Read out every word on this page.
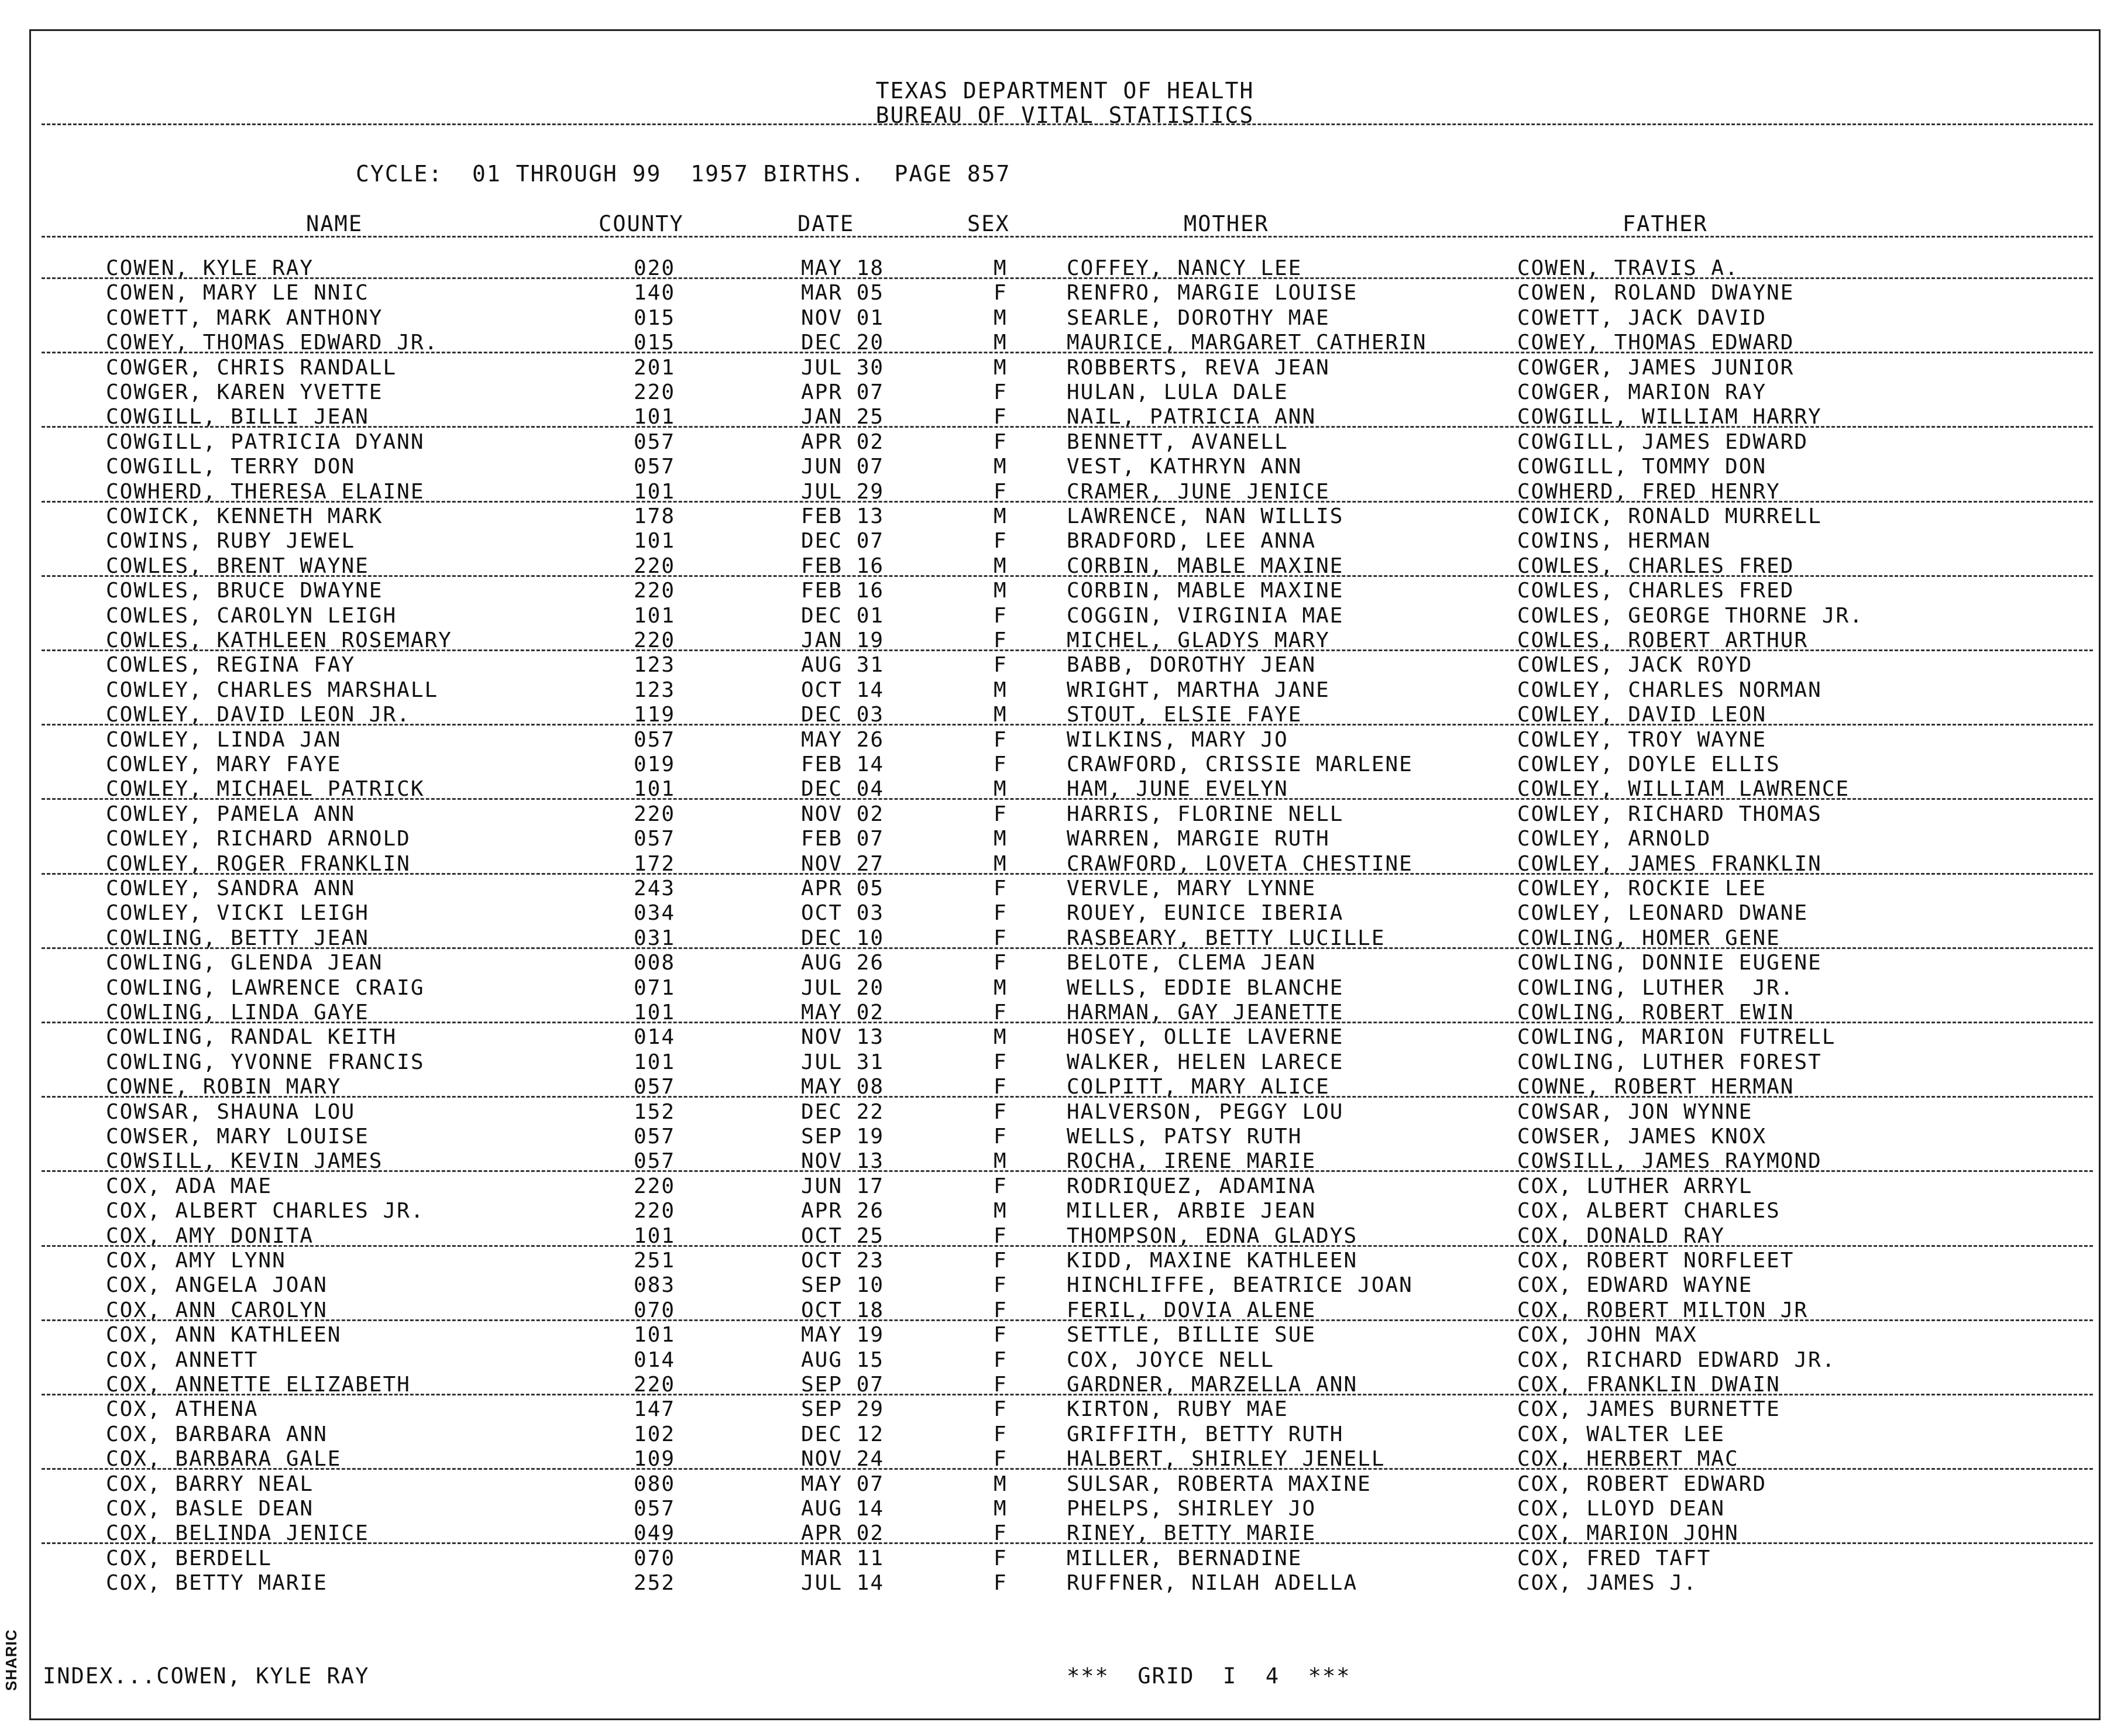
TEXAS DEPARTMENT OF HEALTH
BUREAU OF VITAL STATISTICS
CYCLE:  01 THROUGH 99  1957 BIRTHS.  PAGE 857
NAME	COUNTY	DATE	SEX	MOTHER	FATHER
COWEN, KYLE RAY	020	MAY 18	M	COFFEY, NANCY LEE	COWEN, TRAVIS A.
COWEN, MARY LE NNIC	140	MAR 05	F	RENFRO, MARGIE LOUISE	COWEN, ROLAND DWAYNE
COWETT, MARK ANTHONY	015	NOV 01	M	SEARLE, DOROTHY MAE	COWETT, JACK DAVID
COWEY, THOMAS EDWARD JR.	015	DEC 20	M	MAURICE, MARGARET CATHERIN	COWEY, THOMAS EDWARD
COWGER, CHRIS RANDALL	201	JUL 30	M	ROBBERTS, REVA JEAN	COWGER, JAMES JUNIOR
COWGER, KAREN YVETTE	220	APR 07	F	HULAN, LULA DALE	COWGER, MARION RAY
COWGILL, BILLI JEAN	101	JAN 25	F	NAIL, PATRICIA ANN	COWGILL, WILLIAM HARRY
COWGILL, PATRICIA DYANN	057	APR 02	F	BENNETT, AVANELL	COWGILL, JAMES EDWARD
COWGILL, TERRY DON	057	JUN 07	M	VEST, KATHRYN ANN	COWGILL, TOMMY DON
COWHERD, THERESA ELAINE	101	JUL 29	F	CRAMER, JUNE JENICE	COWHERD, FRED HENRY
COWICK, KENNETH MARK	178	FEB 13	M	LAWRENCE, NAN WILLIS	COWICK, RONALD MURRELL
COWINS, RUBY JEWEL	101	DEC 07	F	BRADFORD, LEE ANNA	COWINS, HERMAN
COWLES, BRENT WAYNE	220	FEB 16	M	CORBIN, MABLE MAXINE	COWLES, CHARLES FRED
COWLES, BRUCE DWAYNE	220	FEB 16	M	CORBIN, MABLE MAXINE	COWLES, CHARLES FRED
COWLES, CAROLYN LEIGH	101	DEC 01	F	COGGIN, VIRGINIA MAE	COWLES, GEORGE THORNE JR.
COWLES, KATHLEEN ROSEMARY	220	JAN 19	F	MICHEL, GLADYS MARY	COWLES, ROBERT ARTHUR
COWLES, REGINA FAY	123	AUG 31	F	BABB, DOROTHY JEAN	COWLES, JACK ROYD
COWLEY, CHARLES MARSHALL	123	OCT 14	M	WRIGHT, MARTHA JANE	COWLEY, CHARLES NORMAN
COWLEY, DAVID LEON JR.	119	DEC 03	M	STOUT, ELSIE FAYE	COWLEY, DAVID LEON
COWLEY, LINDA JAN	057	MAY 26	F	WILKINS, MARY JO	COWLEY, TROY WAYNE
COWLEY, MARY FAYE	019	FEB 14	F	CRAWFORD, CRISSIE MARLENE	COWLEY, DOYLE ELLIS
COWLEY, MICHAEL PATRICK	101	DEC 04	M	HAM, JUNE EVELYN	COWLEY, WILLIAM LAWRENCE
COWLEY, PAMELA ANN	220	NOV 02	F	HARRIS, FLORINE NELL	COWLEY, RICHARD THOMAS
COWLEY, RICHARD ARNOLD	057	FEB 07	M	WARREN, MARGIE RUTH	COWLEY, ARNOLD
COWLEY, ROGER FRANKLIN	172	NOV 27	M	CRAWFORD, LOVETA CHESTINE	COWLEY, JAMES FRANKLIN
COWLEY, SANDRA ANN	243	APR 05	F	VERVLE, MARY LYNNE	COWLEY, ROCKIE LEE
COWLEY, VICKI LEIGH	034	OCT 03	F	ROUEY, EUNICE IBERIA	COWLEY, LEONARD DWANE
COWLING, BETTY JEAN	031	DEC 10	F	RASBEARY, BETTY LUCILLE	COWLING, HOMER GENE
COWLING, GLENDA JEAN	008	AUG 26	F	BELOTE, CLEMA JEAN	COWLING, DONNIE EUGENE
COWLING, LAWRENCE CRAIG	071	JUL 20	M	WELLS, EDDIE BLANCHE	COWLING, LUTHER  JR.
COWLING, LINDA GAYE	101	MAY 02	F	HARMAN, GAY JEANETTE	COWLING, ROBERT EWIN
COWLING, RANDAL KEITH	014	NOV 13	M	HOSEY, OLLIE LAVERNE	COWLING, MARION FUTRELL
COWLING, YVONNE FRANCIS	101	JUL 31	F	WALKER, HELEN LARECE	COWLING, LUTHER FOREST
COWNE, ROBIN MARY	057	MAY 08	F	COLPITT, MARY ALICE	COWNE, ROBERT HERMAN
COWSAR, SHAUNA LOU	152	DEC 22	F	HALVERSON, PEGGY LOU	COWSAR, JON WYNNE
COWSER, MARY LOUISE	057	SEP 19	F	WELLS, PATSY RUTH	COWSER, JAMES KNOX
COWSILL, KEVIN JAMES	057	NOV 13	M	ROCHA, IRENE MARIE	COWSILL, JAMES RAYMOND
COX, ADA MAE	220	JUN 17	F	RODRIQUEZ, ADAMINA	COX, LUTHER ARRYL
COX, ALBERT CHARLES JR.	220	APR 26	M	MILLER, ARBIE JEAN	COX, ALBERT CHARLES
COX, AMY DONITA	101	OCT 25	F	THOMPSON, EDNA GLADYS	COX, DONALD RAY
COX, AMY LYNN	251	OCT 23	F	KIDD, MAXINE KATHLEEN	COX, ROBERT NORFLEET
COX, ANGELA JOAN	083	SEP 10	F	HINCHLIFFE, BEATRICE JOAN	COX, EDWARD WAYNE
COX, ANN CAROLYN	070	OCT 18	F	FERIL, DOVIA ALENE	COX, ROBERT MILTON JR
COX, ANN KATHLEEN	101	MAY 19	F	SETTLE, BILLIE SUE	COX, JOHN MAX
COX, ANNETT	014	AUG 15	F	COX, JOYCE NELL	COX, RICHARD EDWARD JR.
COX, ANNETTE ELIZABETH	220	SEP 07	F	GARDNER, MARZELLA ANN	COX, FRANKLIN DWAIN
COX, ATHENA	147	SEP 29	F	KIRTON, RUBY MAE	COX, JAMES BURNETTE
COX, BARBARA ANN	102	DEC 12	F	GRIFFITH, BETTY RUTH	COX, WALTER LEE
COX, BARBARA GALE	109	NOV 24	F	HALBERT, SHIRLEY JENELL	COX, HERBERT MAC
COX, BARRY NEAL	080	MAY 07	M	SULSAR, ROBERTA MAXINE	COX, ROBERT EDWARD
COX, BASLE DEAN	057	AUG 14	M	PHELPS, SHIRLEY JO	COX, LLOYD DEAN
COX, BELINDA JENICE	049	APR 02	F	RINEY, BETTY MARIE	COX, MARION JOHN
COX, BERDELL	070	MAR 11	F	MILLER, BERNADINE	COX, FRED TAFT
COX, BETTY MARIE	252	JUL 14	F	RUFFNER, NILAH ADELLA	COX, JAMES J.
INDEX...COWEN, KYLE RAY	***  GRID  I  4  ***
SHARIC
